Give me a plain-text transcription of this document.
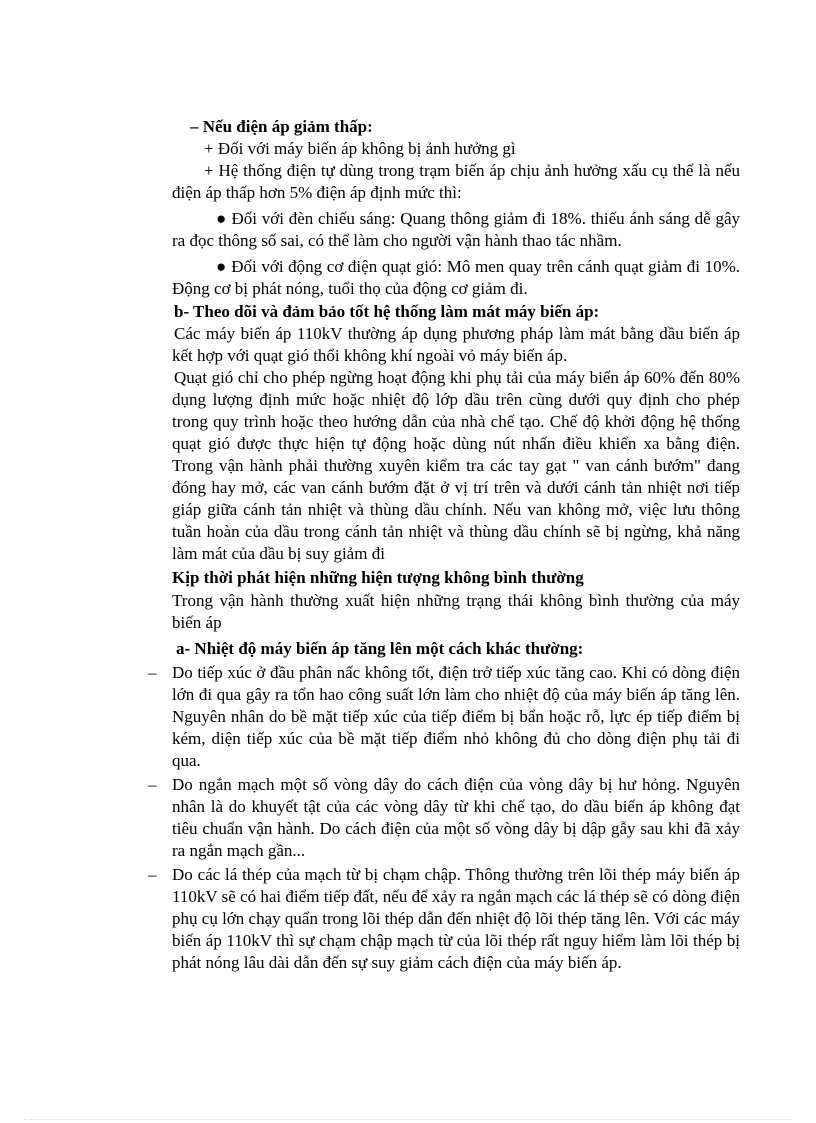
– Nếu điện áp giảm thấp:

+ Đối với máy biến áp không bị ảnh hưởng gì

+ Hệ thống điện tự dùng trong trạm biến áp chịu ảnh hưởng xấu cụ thể là nếu điện áp thấp hơn 5% điện áp định mức thì:

● Đối với đèn chiếu sáng: Quang thông giảm đi 18%. thiếu ánh sáng dễ gây ra đọc thông số sai, có thể làm cho người vận hành thao tác nhầm.

● Đối với động cơ điện quạt gió: Mô men quay trên cánh quạt giảm đi 10%. Động cơ bị phát nóng, tuổi thọ của động cơ giảm đi.

b- Theo dõi và đảm bảo tốt hệ thống làm mát máy biến áp:

Các máy biến áp 110kV thường áp dụng phương pháp làm mát bằng dầu biến áp kết hợp với quạt gió thổi không khí ngoài vỏ máy biến áp.

Quạt gió chỉ cho phép ngừng hoạt động khi phụ tải của máy biến áp 60% đến 80% dụng lượng định mức hoặc nhiệt độ lớp dầu trên cùng dưới quy định cho phép trong quy trình hoặc theo hướng dẫn của nhà chế tạo. Chế độ khởi động hệ thống quạt gió được thực hiện tự động hoặc dùng nút nhấn điều khiển xa bằng điện. Trong vận hành phải thường xuyên kiểm tra các tay gạt " van cánh bướm" đang đóng hay mở, các van cánh bướm đặt ở vị trí trên và dưới cánh tản nhiệt nơi tiếp giáp giữa cánh tản nhiệt và thùng dầu chính. Nếu van không mở, việc lưu thông tuần hoàn của dầu trong cánh tản nhiệt và thùng dầu chính sẽ bị ngừng, khả năng làm mát của dầu bị suy giảm đi

Kịp thời phát hiện những hiện tượng không bình thường

Trong vận hành thường xuất hiện những trạng thái không bình thường của máy biến áp

a- Nhiệt độ máy biến áp tăng lên một cách khác thường:

– Do tiếp xúc ở đầu phân nấc không tốt, điện trở tiếp xúc tăng cao. Khi có dòng điện lớn đi qua gây ra tổn hao công suất lớn làm cho nhiệt độ của máy biến áp tăng lên. Nguyên nhân do bề mặt tiếp xúc của tiếp điểm bị bẩn hoặc rỗ, lực ép tiếp điểm bị kém, diện tiếp xúc của bề mặt tiếp điểm nhỏ không đủ cho dòng điện phụ tải đi qua.
– Do ngắn mạch một số vòng dây do cách điện của vòng dây bị hư hỏng. Nguyên nhân là do khuyết tật của các vòng dây từ khi chế tạo, do dầu biến áp không đạt tiêu chuẩn vận hành. Do cách điện của một số vòng dây bị dập gẫy sau khi đã xảy ra ngắn mạch gần...
– Do các lá thép của mạch từ bị chạm chập. Thông thường trên lõi thép máy biến áp 110kV sẽ có hai điểm tiếp đất, nếu để xảy ra ngắn mạch các lá thép sẽ có dòng điện phụ cụ lớn chạy quẩn trong lõi thép dẫn đến nhiệt độ lõi thép tăng lên. Với các máy biến áp 110kV thì sự chạm chập mạch từ của lõi thép rất nguy hiểm làm lõi thép bị phát nóng lâu dài dẫn đến sự suy giảm cách điện của máy biến áp.
